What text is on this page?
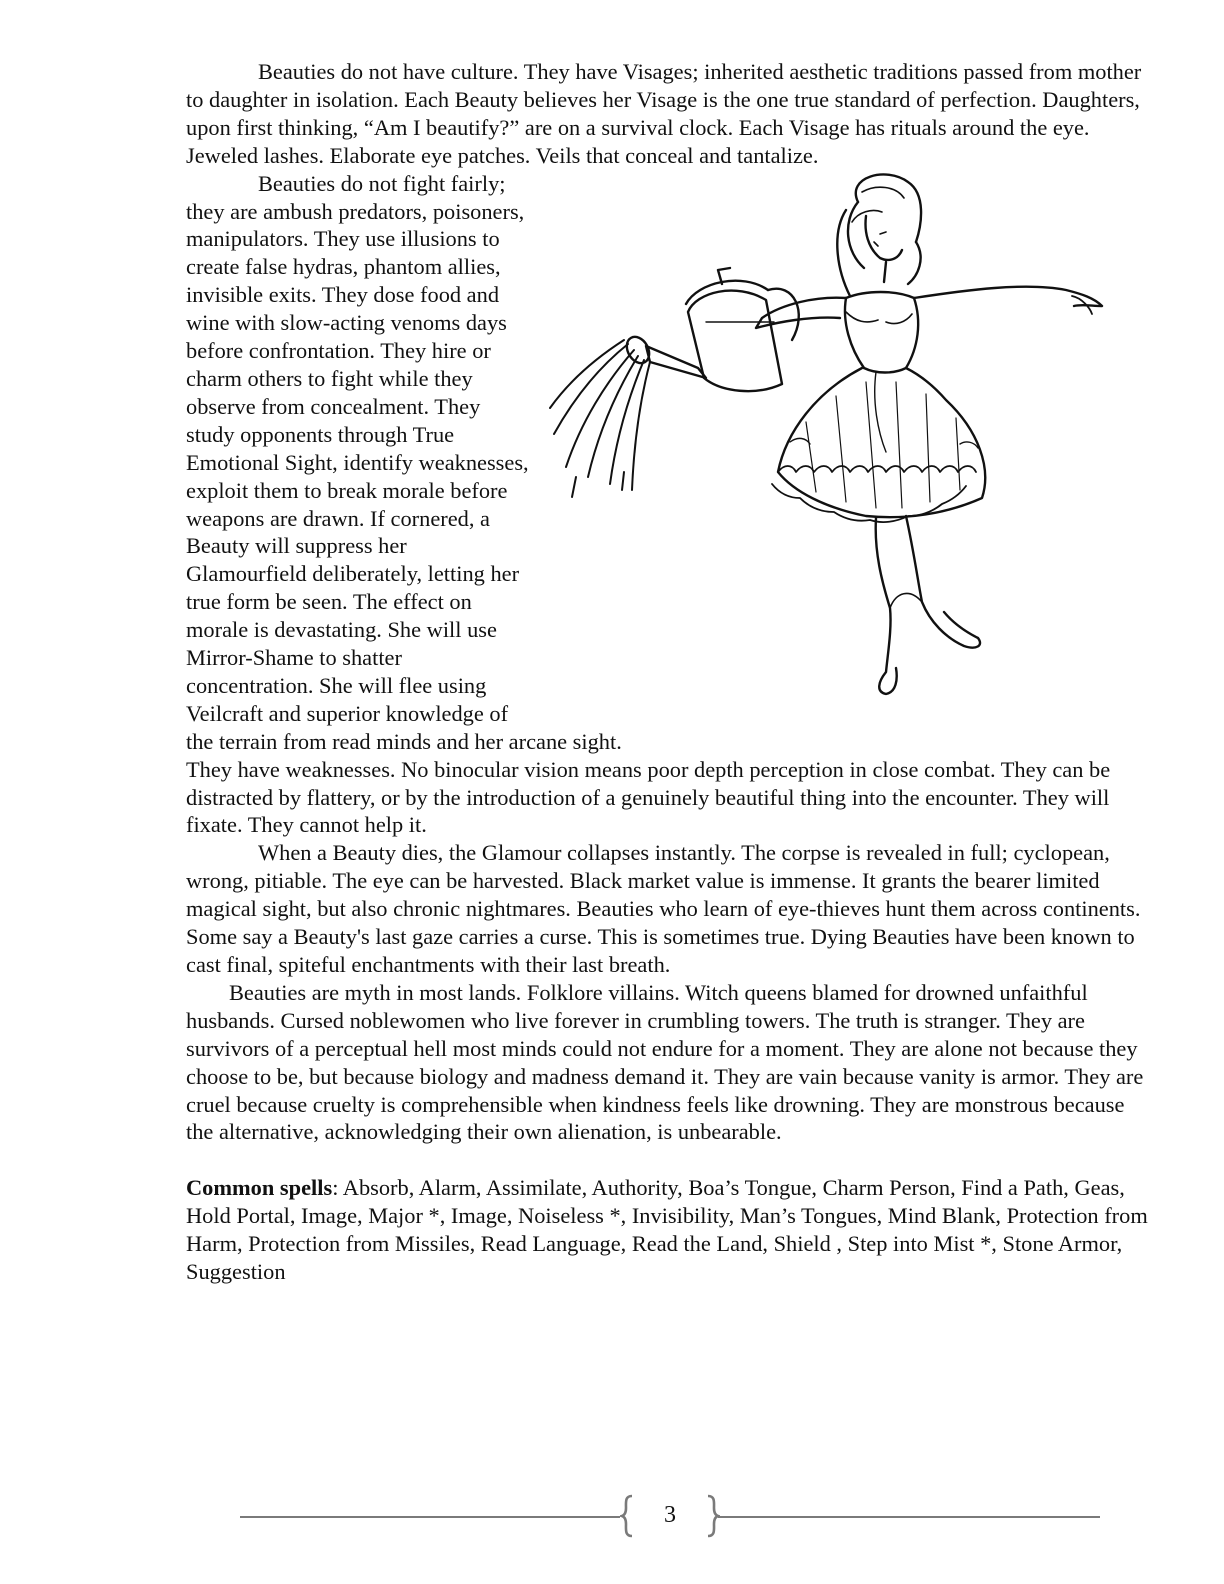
Beauties do not have culture. They have Visages; inherited aesthetic traditions passed from mother to daughter in isolation. Each Beauty believes her Visage is the one true standard of perfection. Daughters, upon first thinking, “Am I beautify?” are on a survival clock. Each Visage has rituals around the eye. Jeweled lashes. Elaborate eye patches. Veils that conceal and tantalize.

Beauties do not fight fairly; they are ambush predators, poisoners, manipulators. They use illusions to create false hydras, phantom allies, invisible exits. They dose food and wine with slow-acting venoms days before confrontation. They hire or charm others to fight while they observe from concealment. They study opponents through True Emotional Sight, identify weaknesses, exploit them to break morale before weapons are drawn. If cornered, a Beauty will suppress her Glamourfield deliberately, letting her true form be seen. The effect on morale is devastating. She will use Mirror-Shame to shatter concentration. She will flee using Veilcraft and superior knowledge of the terrain from read minds and her arcane sight.

They have weaknesses. No binocular vision means poor depth perception in close combat. They can be distracted by flattery, or by the introduction of a genuinely beautiful thing into the encounter. They will fixate. They cannot help it.

When a Beauty dies, the Glamour collapses instantly. The corpse is revealed in full; cyclopean, wrong, pitiable. The eye can be harvested. Black market value is immense. It grants the bearer limited magical sight, but also chronic nightmares. Beauties who learn of eye-thieves hunt them across continents. Some say a Beauty's last gaze carries a curse. This is sometimes true. Dying Beauties have been known to cast final, spiteful enchantments with their last breath.

Beauties are myth in most lands. Folklore villains. Witch queens blamed for drowned unfaithful husbands. Cursed noblewomen who live forever in crumbling towers. The truth is stranger. They are survivors of a perceptual hell most minds could not endure for a moment. They are alone not because they choose to be, but because biology and madness demand it. They are vain because vanity is armor. They are cruel because cruelty is comprehensible when kindness feels like drowning. They are monstrous because the alternative, acknowledging their own alienation, is unbearable.

Common spells: Absorb, Alarm, Assimilate, Authority, Boa’s Tongue, Charm Person, Find a Path, Geas, Hold Portal, Image, Major *, Image, Noiseless *, Invisibility, Man’s Tongues, Mind Blank, Protection from Harm, Protection from Missiles, Read Language, Read the Land, Shield , Step into Mist *, Stone Armor, Suggestion

3
